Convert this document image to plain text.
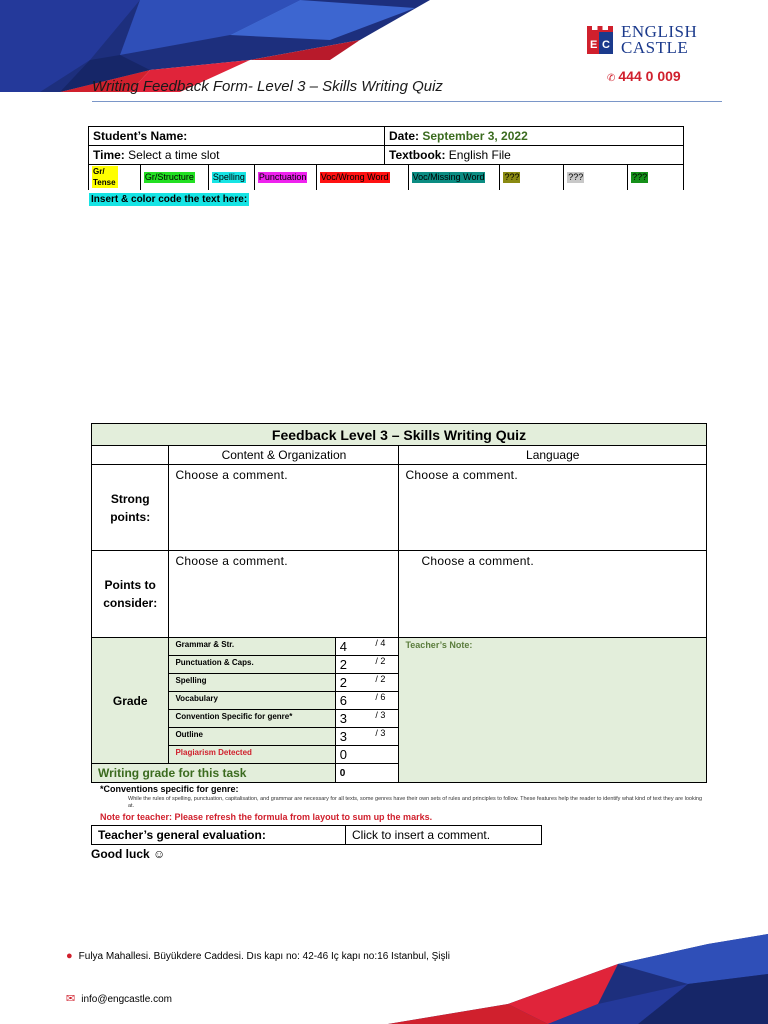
E C
ENGLISH
CASTLE
✆ 444 0 009
Writing Feedback Form- Level 3 – Skills Writing Quiz
Student’s Name:	Date: September 3, 2022
Time: Select a time slot	Textbook: English File
Gr/ Tense	Gr/Structure	Spelling	Punctuation	Voc/Wrong Word	Voc/Missing Word	???	???	???
Insert & color code the text here:
Feedback Level 3 – Skills Writing Quiz				
	Content & Organization			Language
Strong points:	Choose a comment.			Choose a comment.
Points to consider:	Choose a comment.			Choose a comment.
Grade	Grammar & Str.	4	/ 4	Teacher’s Note:
	Punctuation & Caps.	2	/ 2	
	Spelling	2	/ 2	
	Vocabulary	6	/ 6	
	Convention Specific for genre*	3	/ 3	
	Outline	3	/ 3	
	Plagiarism Detected	0		
Writing grade for this task		0		
*Conventions specific for genre:
While the rules of spelling, punctuation, capitalisation, and grammar are necessary for all texts, some genres have their own sets of rules and principles to follow. These features help the reader to identify what kind of text they are looking at.
Note for teacher: Please refresh the formula from layout to sum up the marks.
Teacher’s general evaluation:	Click to insert a comment.
Good luck ☺
● Fulya Mahallesi. Büyükdere Caddesi. Dıs kapı no: 42-46 Iç kapı no:16 Istanbul, Şişli
✉ info@engcastle.com
